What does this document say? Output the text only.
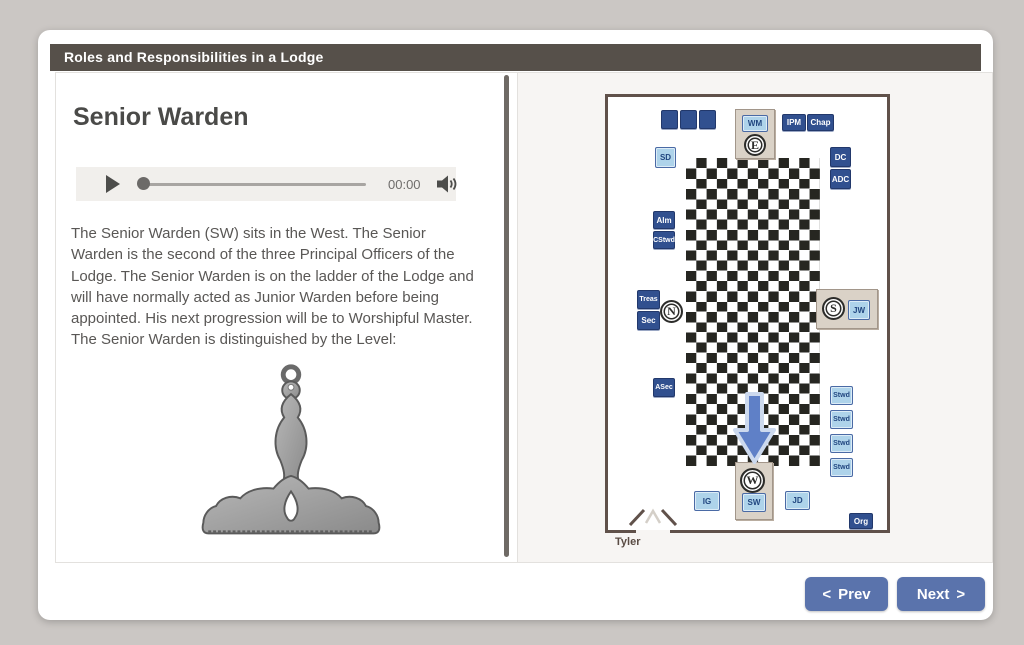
Roles and Responsibilities in a Lodge
Senior Warden
00:00

The Senior Warden (SW) sits in the West. The Senior Warden is the second of the three Principal Officers of the Lodge. The Senior Warden is on the ladder of the Lodge and will have normally acted as Junior Warden before being appointed. His next progression will be to Worshipful Master. The Senior Warden is distinguished by the Level:

WM
E
IPM	Chap
SD	DC
ADC
Alm
CStwd
Treas
Sec
N
ASec
S	JW
Stwd
Stwd
Stwd
Stwd
W
SW
IG	JD
Org
Tyler
< Prev	Next >
